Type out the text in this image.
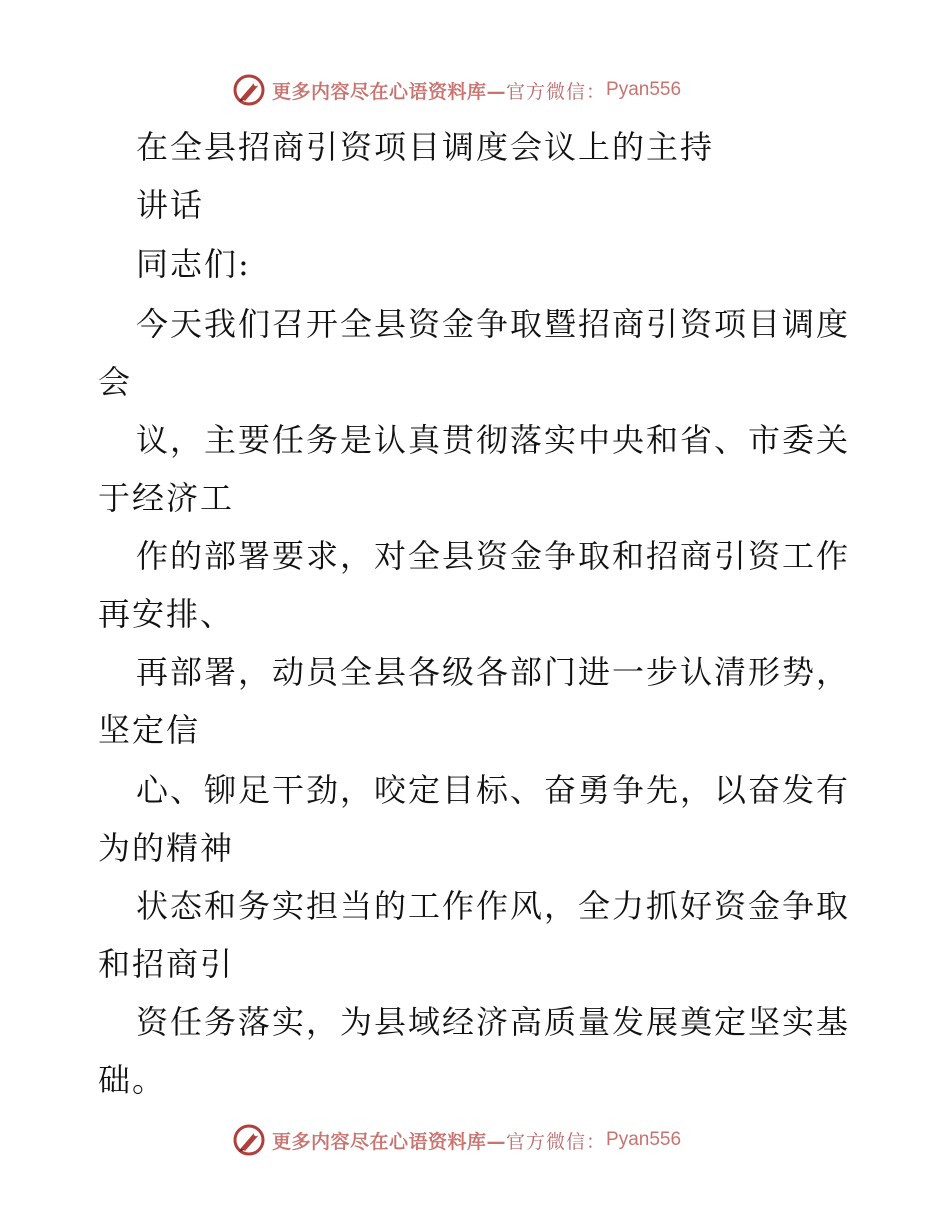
更多内容尽在心语资料库— 官方微信： Pyan556
在全县招商引资项目调度会议上的主持
讲话
同志们:
今天我们召开全县资金争取暨招商引资项目调度
会
议，主要任务是认真贯彻落实中央和省、市委关
于经济工
作的部署要求，对全县资金争取和招商引资工作
再安排、
再部署，动员全县各级各部门进一步认清形势，
坚定信
心、铆足干劲，咬定目标、奋勇争先，以奋发有
为的精神
状态和务实担当的工作作风，全力抓好资金争取
和招商引
资任务落实，为县域经济高质量发展奠定坚实基
础。
更多内容尽在心语资料库— 官方微信： Pyan556
